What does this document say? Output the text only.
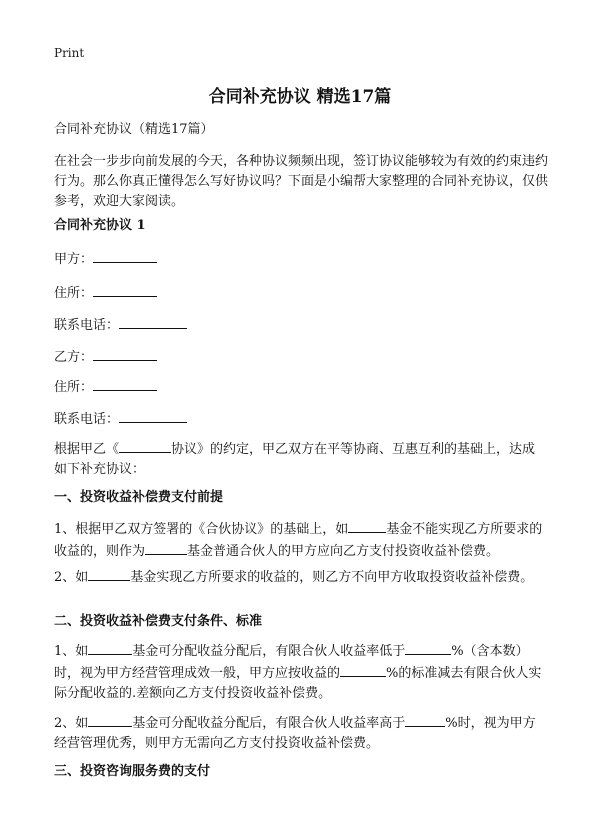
Print
合同补充协议 精选17篇
合同补充协议（精选17篇）
在社会一步步向前发展的今天，各种协议频频出现，签订协议能够较为有效的约束违约行为。那么你真正懂得怎么写好协议吗？下面是小编帮大家整理的合同补充协议，仅供参考，欢迎大家阅读。
合同补充协议 1
甲方：
住所：
联系电话：
乙方：
住所：
联系电话：
根据甲乙《	协议》的约定，甲乙双方在平等协商、互惠互利的基础上，达成如下补充协议：
一、投资收益补偿费支付前提
1、根据甲乙双方签署的《合伙协议》的基础上，如	基金不能实现乙方所要求的收益的，则作为	基金普通合伙人的甲方应向乙方支付投资收益补偿费。
2、如	基金实现乙方所要求的收益的，则乙方不向甲方收取投资收益补偿费。
二、投资收益补偿费支付条件、标准
1、如	基金可分配收益分配后，有限合伙人收益率低于	%（含本数）时，视为甲方经营管理成效一般，甲方应按收益的	%的标准减去有限合伙人实际分配收益的.差额向乙方支付投资收益补偿费。
2、如	基金可分配收益分配后，有限合伙人收益率高于	%时，视为甲方经营管理优秀，则甲方无需向乙方支付投资收益补偿费。
三、投资咨询服务费的支付
